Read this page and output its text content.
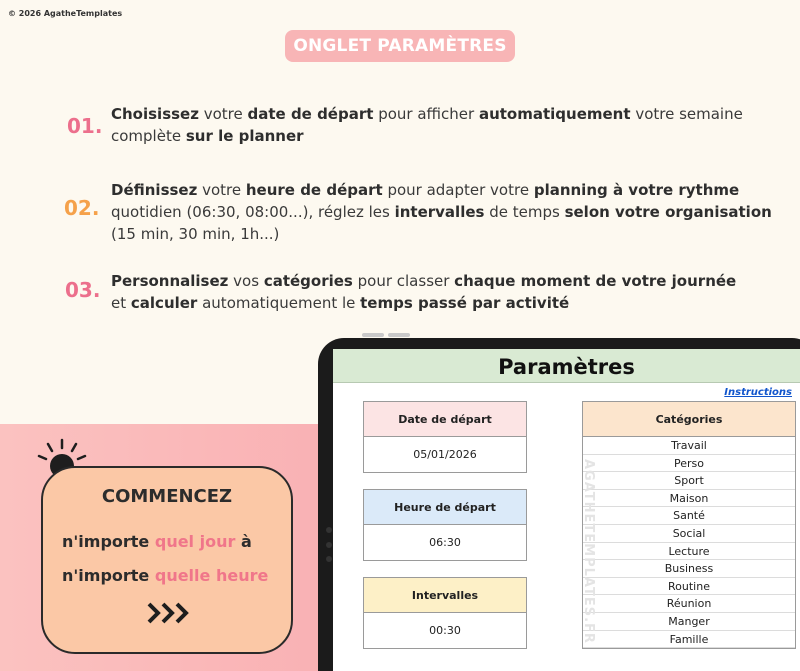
© 2026 AgatheTemplates
ONGLET PARAMÈTRES
01. Choisissez votre date de départ pour afficher automatiquement votre semaine
complète sur le planner
02.
Définissez votre heure de départ pour adapter votre planning à votre rythme
quotidien (06:30, 08:00...), réglez les intervalles de temps selon votre organisation
(15 min, 30 min, 1h...)
03. Personnalisez vos catégories pour classer chaque moment de votre journée
et calculer automatiquement le temps passé par activité
COMMENCEZ
n'importe quel jour à
n'importe quelle heure
Paramètres
Instructions
Date de départ
05/01/2026
Heure de départ
06:30
Intervalles
00:30
Catégories
Travail
Perso
Sport
Maison
Santé
Social
Lecture
Business
Routine
Réunion
Manger
Famille
AGATHETEMPLATES.FR
